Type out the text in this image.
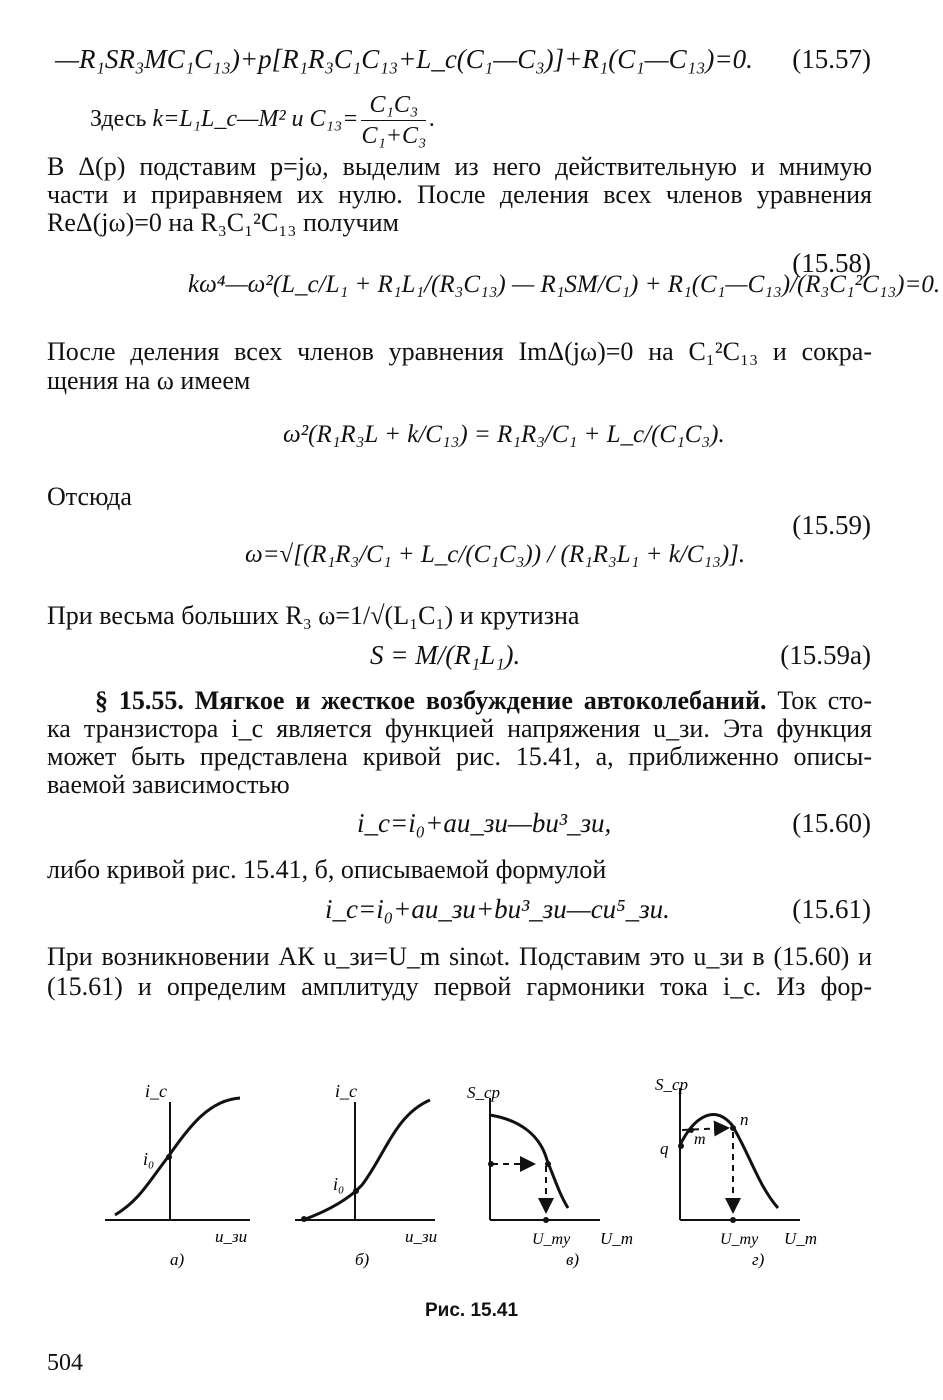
—R₁SR₃MC₁C₁₃)+p[R₁R₃C₁C₁₃+L_c(C₁—C₃)]+R₁(C₁—C₁₃)=0. (15.57)
Здесь k=L₁L_c—M² и $C_{13}= \frac{\text{C₁C₃}}{\text{C₁+C₃}}$ .
В Δ(p) подставим p=jω, выделим из него действительную и мнимую
части и приравняем их нулю. После деления всех членов уравнения
ReΔ(jω)=0 на R₃C₁²C₁₃ получим
kω⁴—ω²(L_c/L₁ + R₁L₁/(R₃C₁₃) — R₁SM/C₁) + R₁(C₁—C₁₃)/(R₃C₁²C₁₃)=0.
(15.58)
После деления всех членов уравнения ImΔ(jω)=0 на C₁²C₁₃ и сокра-
щения на ω имеем
ω²(R₁R₃L + k/C₁₃) = R₁R₃/C₁ + L_c/(C₁C₃).
Отсюда
ω=√[(R₁R₃/C₁ + L_c/(C₁C₃)) / (R₁R₃L₁ + k/C₁₃)].
(15.59)
При весьма больших R₃ ω=1/√(L₁C₁) и крутизна
S = M/(R₁L₁).	(15.59a)
§ 15.55. Мягкое и жесткое возбуждение автоколебаний. Ток сто-
ка транзистора i_c является функцией напряжения u_зи. Эта функция
может быть представлена кривой рис. 15.41, а, приближенно описы-
ваемой зависимостью
i_c=i₀+au_зи—bu³_зи,	(15.60)
либо кривой рис. 15.41, б, описываемой формулой
i_c=i₀+au_зи+bu³_зи—cu⁵_зи.	(15.61)
При возникновении АК u_зи=U_m sinωt. Подставим это u_зи в (15.60) и
(15.61) и определим амплитуду первой гармоники тока i_c. Из фор-
i_c
i₀
u_зи
а)
i_c
i₀
u_зи
б)
S_ср
U_mу U_m
в)
S_ср
q m
n
U_mу U_m
г)
Рис. 15.41
504
